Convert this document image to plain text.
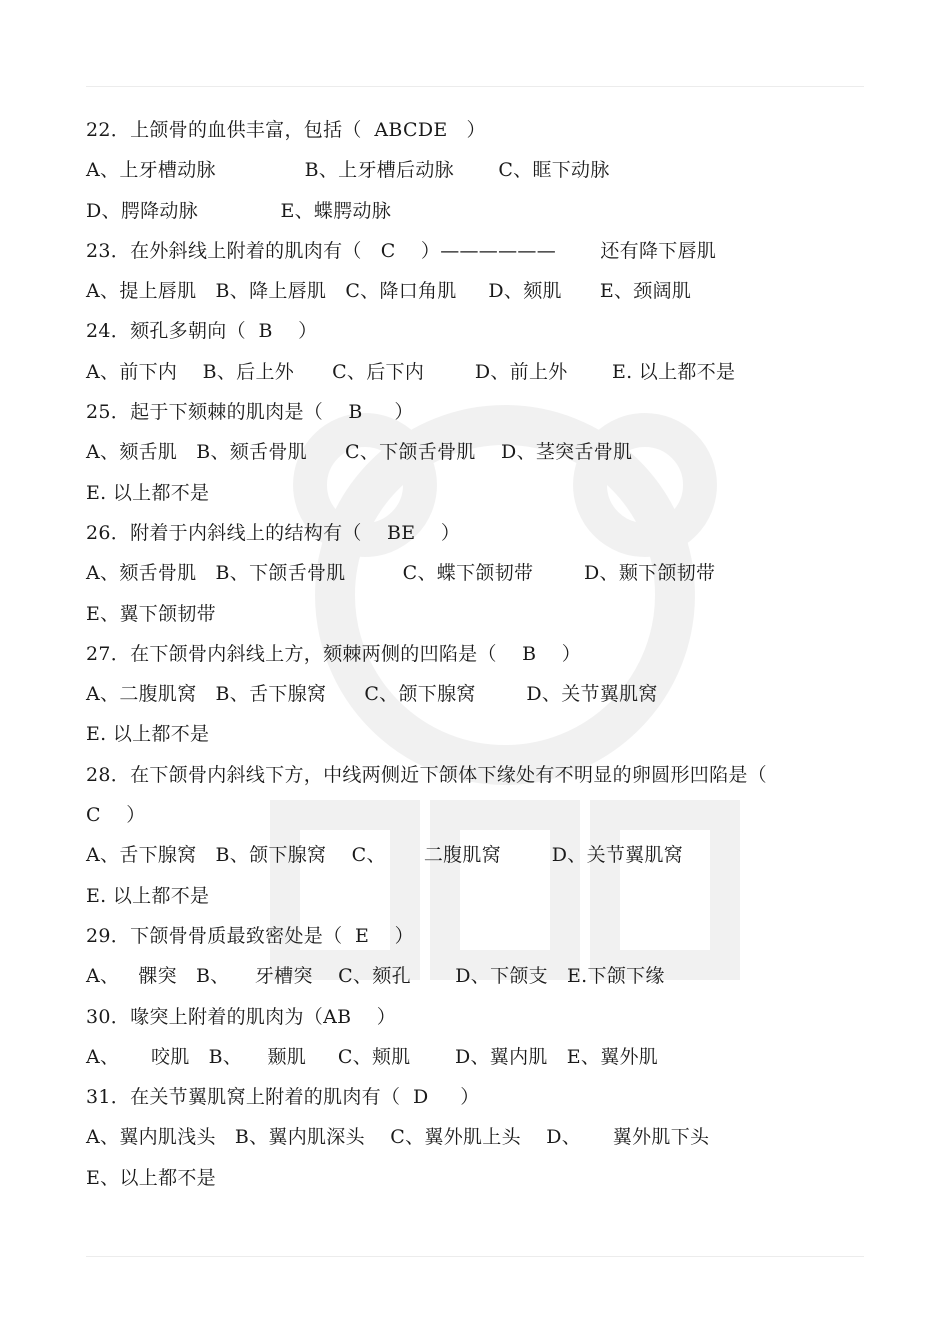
22．上颌骨的血供丰富，包括（  ABCDE   ）
A、上牙槽动脉              B、上牙槽后动脉       C、眶下动脉
D、腭降动脉             E、蝶腭动脉
23．在外斜线上附着的肌肉有（   C    ）——————       还有降下唇肌
A、提上唇肌   B、降上唇肌   C、降口角肌     D、颏肌      E、颈阔肌
24．颏孔多朝向（  B    ）
A、前下内    B、后上外      C、后下内        D、前上外       E. 以上都不是
25．起于下颏棘的肌肉是（    B     ）
A、颏舌肌   B、颏舌骨肌      C、下颌舌骨肌    D、茎突舌骨肌
E. 以上都不是
26．附着于内斜线上的结构有（    BE    ）
A、颏舌骨肌   B、下颌舌骨肌         C、蝶下颌韧带        D、颞下颌韧带
E、翼下颌韧带
27．在下颌骨内斜线上方，颏棘两侧的凹陷是（    B    ）
A、二腹肌窝   B、舌下腺窝      C、颌下腺窝        D、关节翼肌窝
E. 以上都不是
28．在下颌骨内斜线下方，中线两侧近下颌体下缘处有不明显的卵圆形凹陷是（
C    ）
A、舌下腺窝   B、颌下腺窝    C、      二腹肌窝        D、关节翼肌窝
E. 以上都不是
29．下颌骨骨质最致密处是（  E    ）
A、   髁突   B、    牙槽突    C、颏孔       D、下颌支   E.下颌下缘
30．喙突上附着的肌肉为（AB    ）
A、     咬肌   B、    颞肌     C、颊肌       D、翼内肌   E、翼外肌
31．在关节翼肌窝上附着的肌肉有（  D     ）
A、翼内肌浅头   B、翼内肌深头    C、翼外肌上头    D、     翼外肌下头
E、以上都不是
